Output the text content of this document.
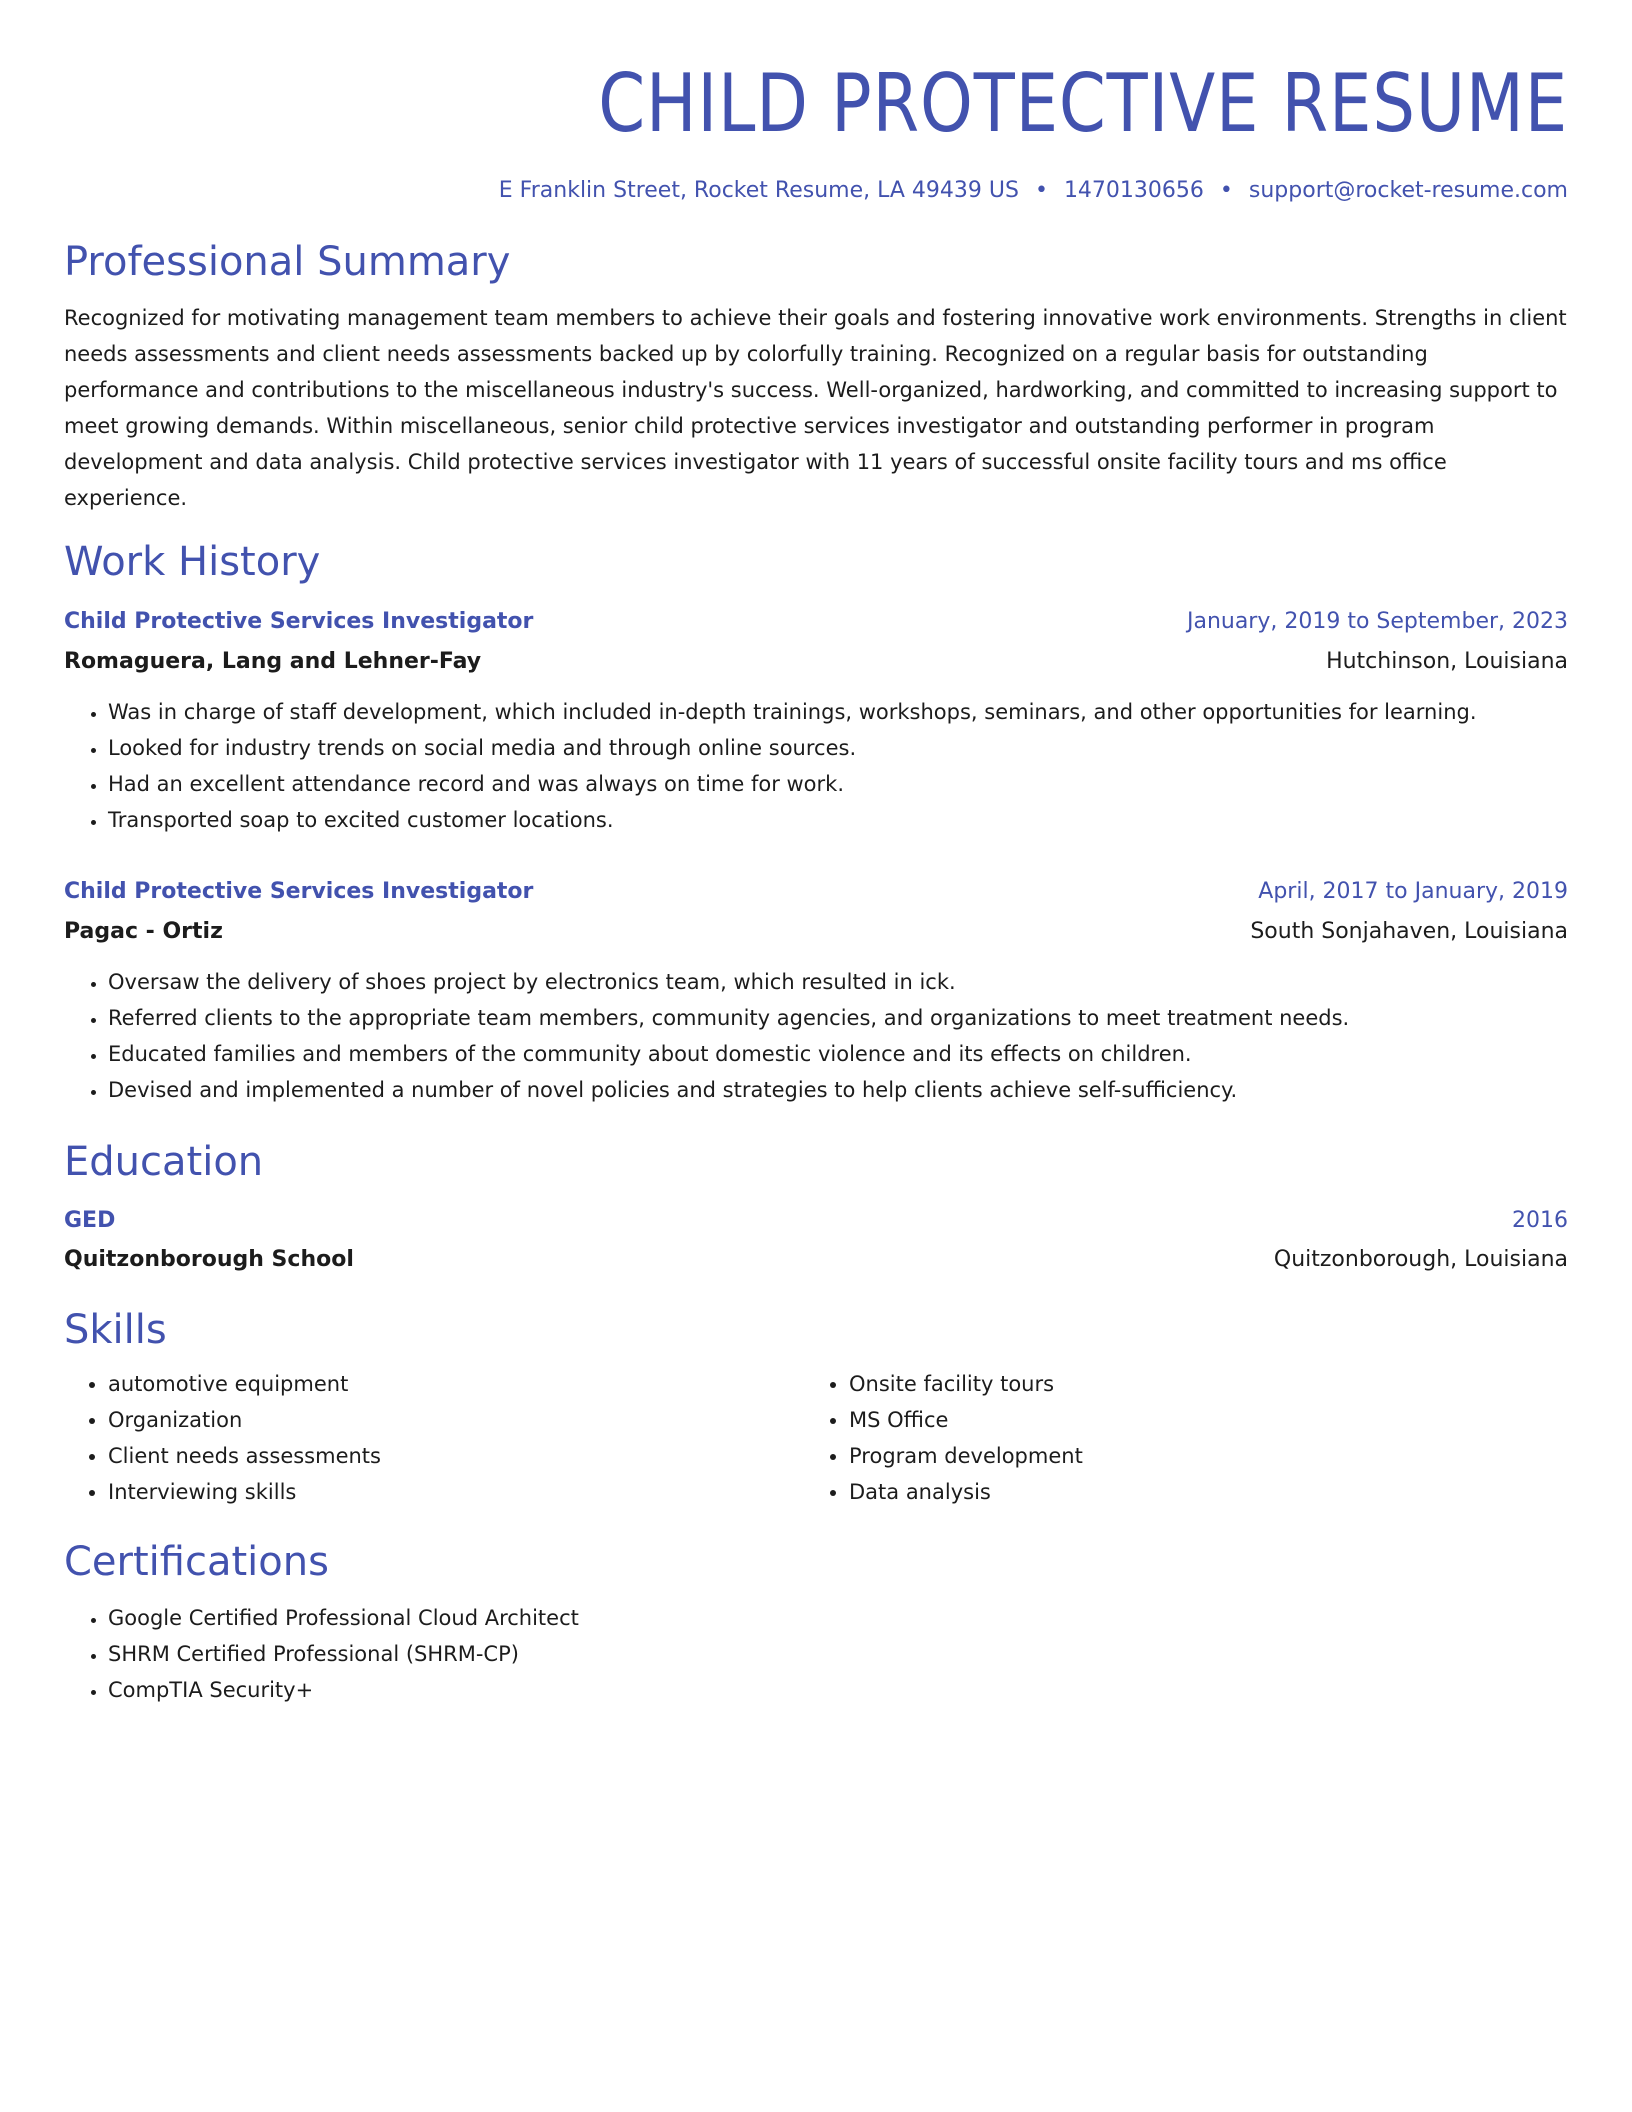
CHILD PROTECTIVE RESUME
E Franklin Street, Rocket Resume, LA 49439 US • 1470130656 • support@rocket-resume.com
Professional Summary

Recognized for motivating management team members to achieve their goals and fostering innovative work environments. Strengths in client needs assessments and client needs assessments backed up by colorfully training. Recognized on a regular basis for outstanding performance and contributions to the miscellaneous industry's success. Well-organized, hardworking, and committed to increasing support to meet growing demands. Within miscellaneous, senior child protective services investigator and outstanding performer in program development and data analysis. Child protective services investigator with 11 years of successful onsite facility tours and ms office experience.

Work History
Child Protective Services Investigator	January, 2019 to September, 2023
Romaguera, Lang and Lehner-Fay	Hutchinson, Louisiana
• Was in charge of staff development, which included in-depth trainings, workshops, seminars, and other opportunities for learning.
• Looked for industry trends on social media and through online sources.
• Had an excellent attendance record and was always on time for work.
• Transported soap to excited customer locations.
Child Protective Services Investigator	April, 2017 to January, 2019
Pagac - Ortiz	South Sonjahaven, Louisiana
• Oversaw the delivery of shoes project by electronics team, which resulted in ick.
• Referred clients to the appropriate team members, community agencies, and organizations to meet treatment needs.
• Educated families and members of the community about domestic violence and its effects on children.
• Devised and implemented a number of novel policies and strategies to help clients achieve self-sufficiency.
Education
GED	2016
Quitzonborough School	Quitzonborough, Louisiana
Skills
• automotive equipment
• Organization
• Client needs assessments
• Interviewing skills
• Onsite facility tours
• MS Office
• Program development
• Data analysis
Certifications
• Google Certified Professional Cloud Architect
• SHRM Certified Professional (SHRM-CP)
• CompTIA Security+
